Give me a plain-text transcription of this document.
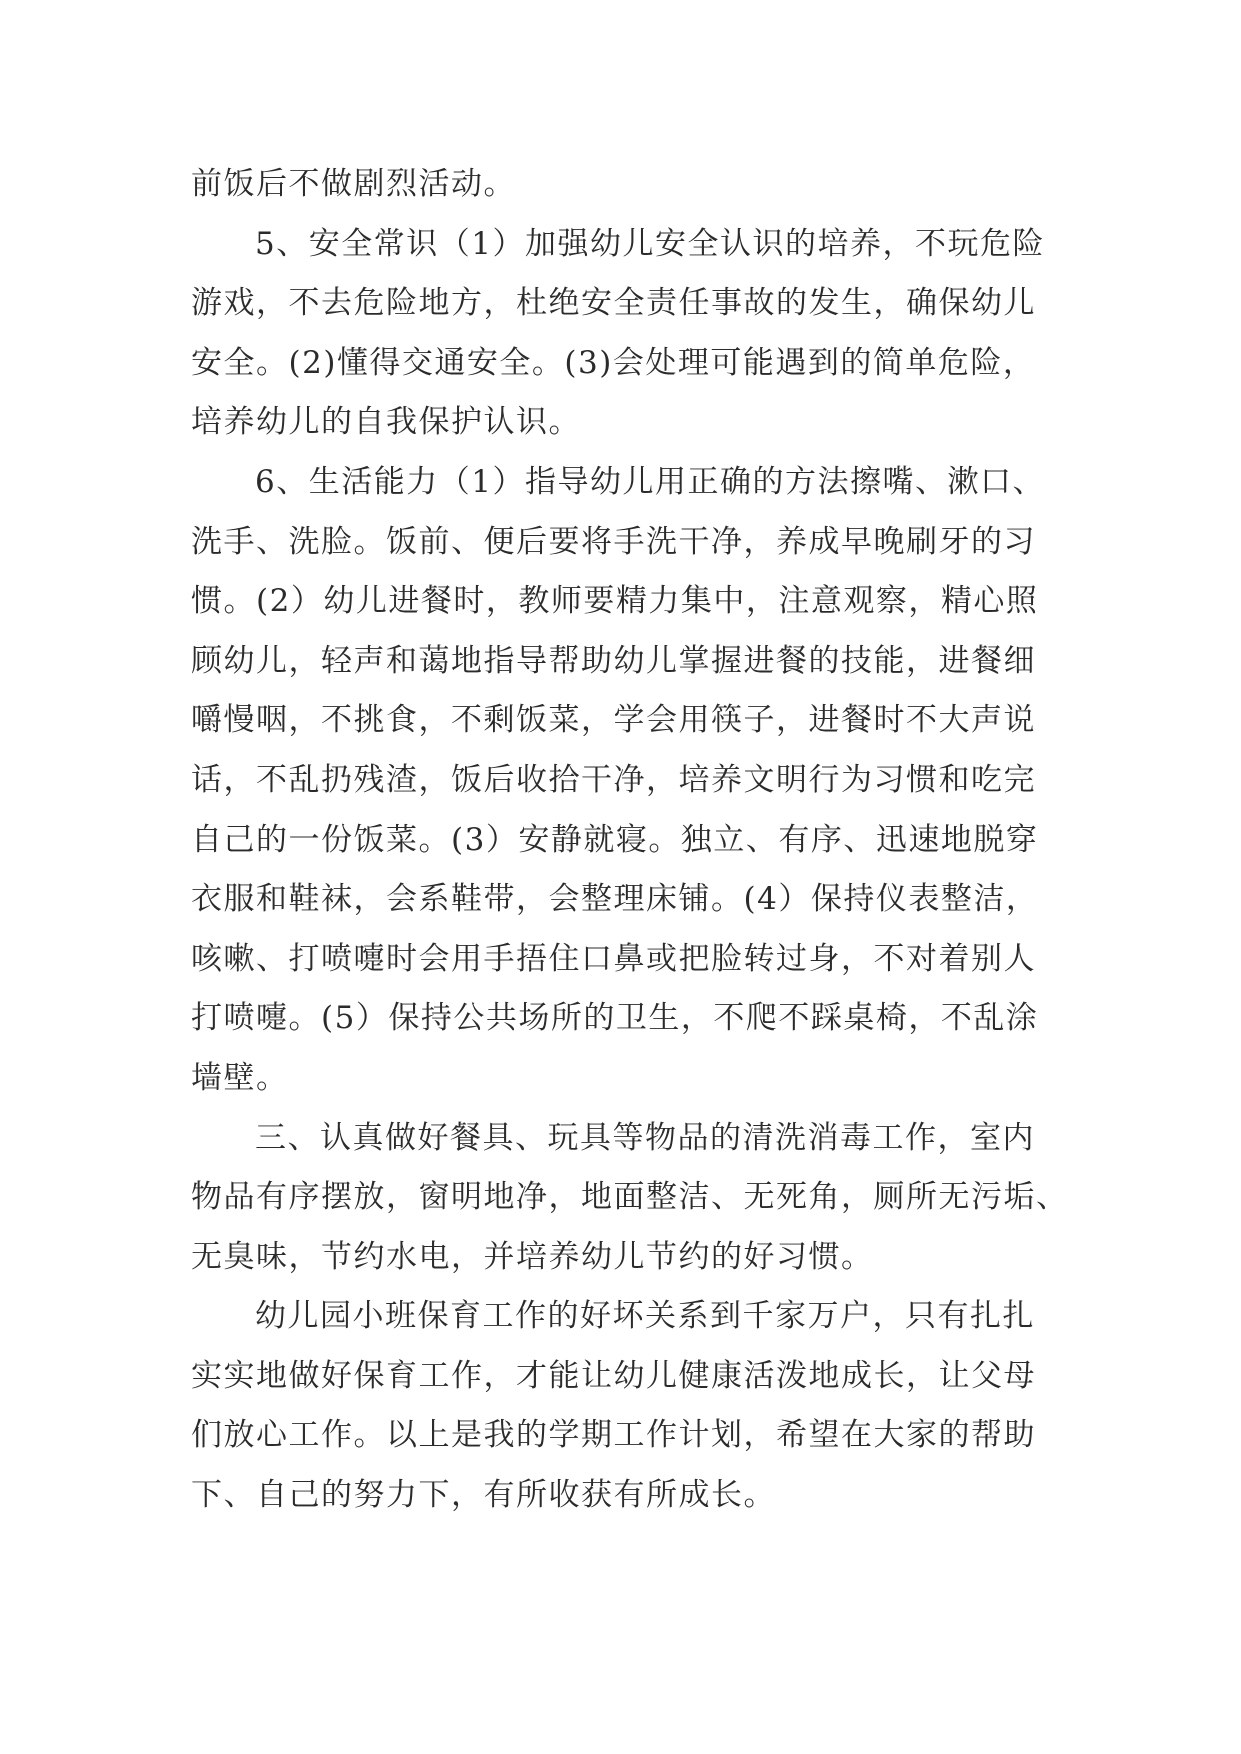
前饭后不做剧烈活动。
5、安全常识（1）加强幼儿安全认识的培养，不玩危险
游戏，不去危险地方，杜绝安全责任事故的发生，确保幼儿
安全。(2)懂得交通安全。(3)会处理可能遇到的简单危险，
培养幼儿的自我保护认识。
6、生活能力（1）指导幼儿用正确的方法擦嘴、漱口、
洗手、洗脸。饭前、便后要将手洗干净，养成早晚刷牙的习
惯。(2）幼儿进餐时，教师要精力集中，注意观察，精心照
顾幼儿，轻声和蔼地指导帮助幼儿掌握进餐的技能，进餐细
嚼慢咽，不挑食，不剩饭菜，学会用筷子，进餐时不大声说
话，不乱扔残渣，饭后收拾干净，培养文明行为习惯和吃完
自己的一份饭菜。(3）安静就寝。独立、有序、迅速地脱穿
衣服和鞋袜，会系鞋带，会整理床铺。(4）保持仪表整洁，
咳嗽、打喷嚏时会用手捂住口鼻或把脸转过身，不对着别人
打喷嚏。(5）保持公共场所的卫生，不爬不踩桌椅，不乱涂
墙壁。
三、认真做好餐具、玩具等物品的清洗消毒工作，室内
物品有序摆放，窗明地净，地面整洁、无死角，厕所无污垢、
无臭味，节约水电，并培养幼儿节约的好习惯。
幼儿园小班保育工作的好坏关系到千家万户，只有扎扎
实实地做好保育工作，才能让幼儿健康活泼地成长，让父母
们放心工作。以上是我的学期工作计划，希望在大家的帮助
下、自己的努力下，有所收获有所成长。
